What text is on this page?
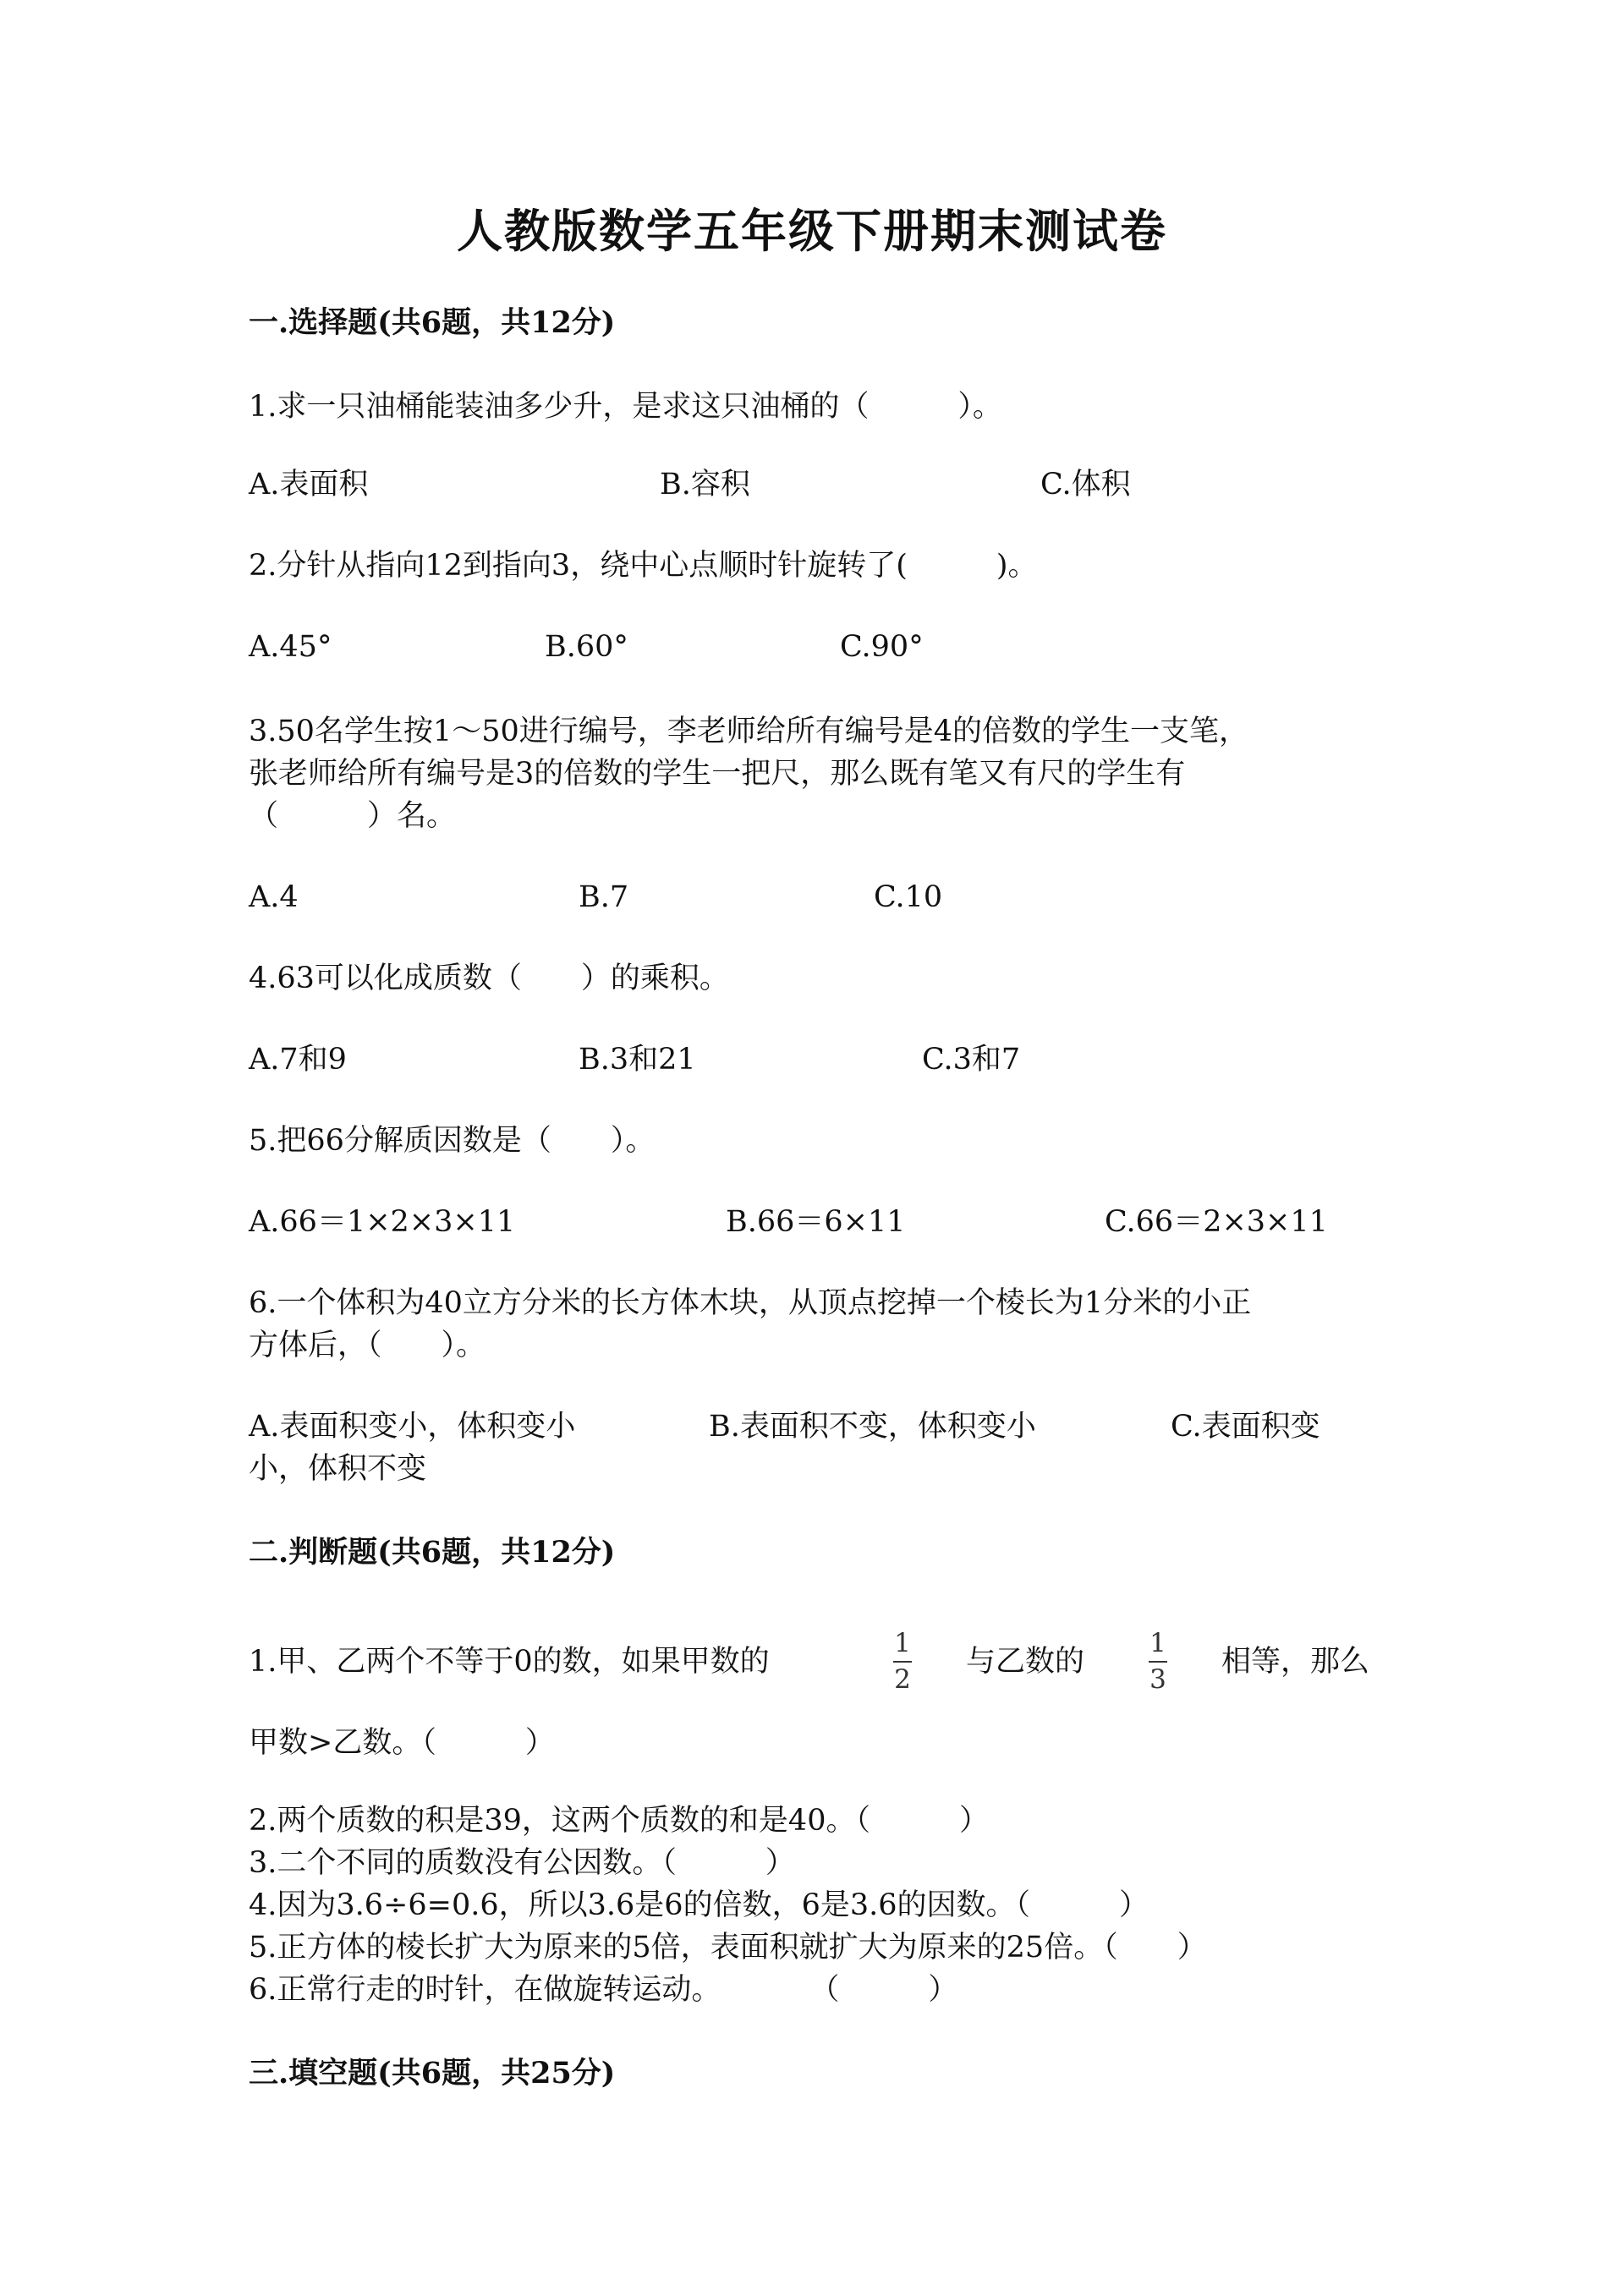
人教版数学五年级下册期末测试卷
一.选择题(共6题，共12分)
1.求一只油桶能装油多少升，是求这只油桶的（　　　）。
A.表面积	B.容积	C.体积
2.分针从指向12到指向3，绕中心点顺时针旋转了(　　　)。
A.45°	B.60°	C.90°
3.50名学生按1～50进行编号，李老师给所有编号是4的倍数的学生一支笔，
张老师给所有编号是3的倍数的学生一把尺，那么既有笔又有尺的学生有
（　　　）名。
A.4	B.7	C.10
4.63可以化成质数（　　）的乘积。
A.7和9	B.3和21	C.3和7
5.把66分解质因数是（　　）。
A.66＝1×2×3×11	B.66＝6×11	C.66＝2×3×11
6.一个体积为40立方分米的长方体木块，从顶点挖掉一个棱长为1分米的小正
方体后，（　　）。
A.表面积变小，体积变小	B.表面积不变，体积变小	C.表面积变
小，体积不变
二.判断题(共6题，共12分)
1.甲、乙两个不等于0的数，如果甲数的
1
2
与乙数的
1
3
相等，那么
甲数>乙数。（　　　）
2.两个质数的积是39，这两个质数的和是40。（　　　）
3.二个不同的质数没有公因数。（　　　）
4.因为3.6÷6=0.6，所以3.6是6的倍数，6是3.6的因数。（　　　）
5.正方体的棱长扩大为原来的5倍，表面积就扩大为原来的25倍。（　　）
6.正常行走的时针，在做旋转运动。　　　　（　　　）
三.填空题(共6题，共25分)
